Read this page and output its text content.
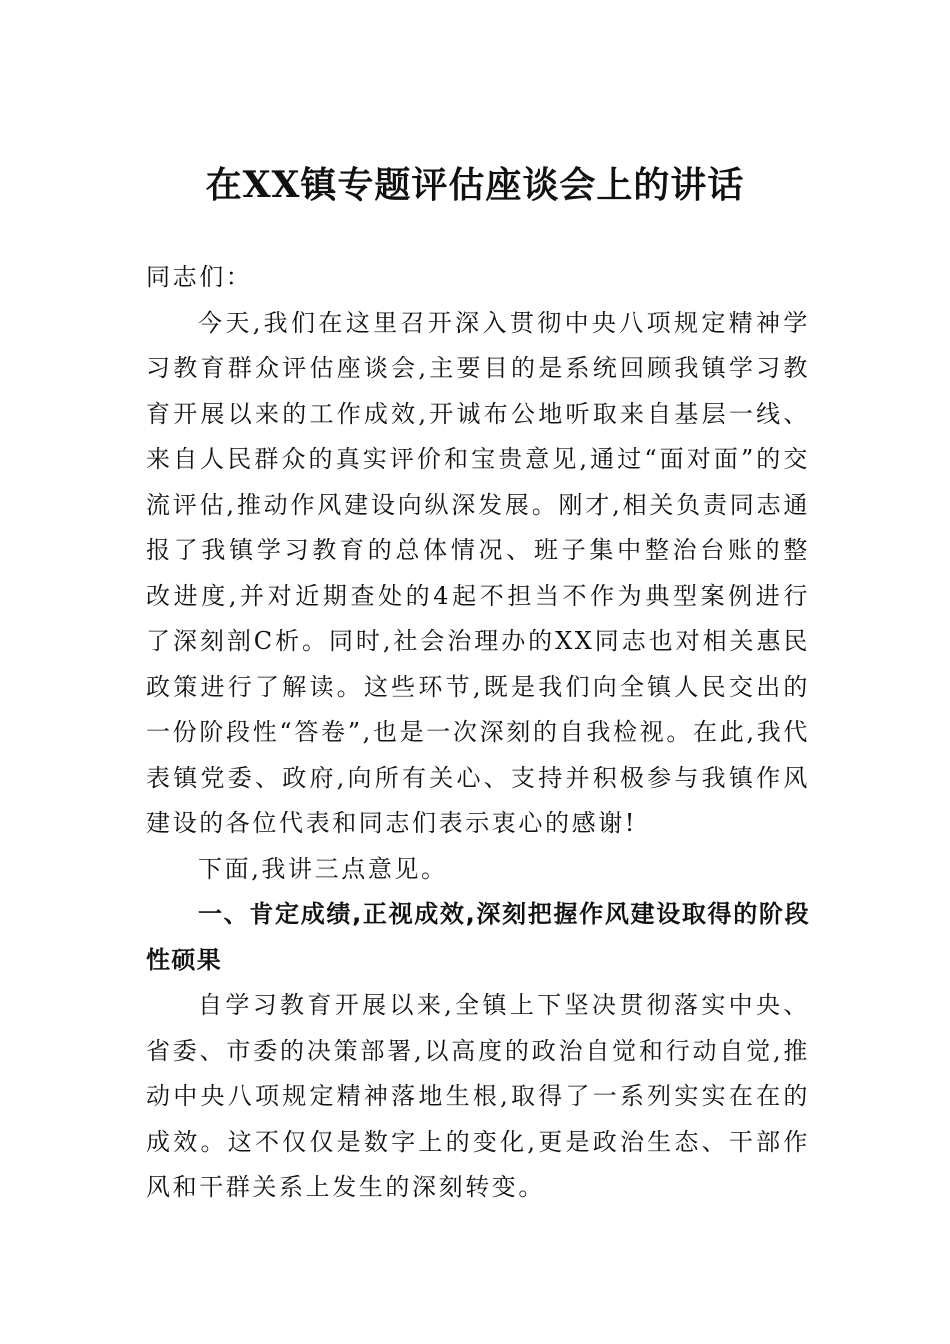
在XX镇专题评估座谈会上的讲话

同志们：

今天,我们在这里召开深入贯彻中央八项规定精神学习教育群众评估座谈会,主要目的是系统回顾我镇学习教育开展以来的工作成效,开诚布公地听取来自基层一线、来自人民群众的真实评价和宝贵意见,通过“面对面”的交流评估,推动作风建设向纵深发展。刚才,相关负责同志通报了我镇学习教育的总体情况、班子集中整治台账的整改进度,并对近期查处的4起不担当不作为典型案例进行了深刻剖C析。同时,社会治理办的XX同志也对相关惠民政策进行了解读。这些环节,既是我们向全镇人民交出的一份阶段性“答卷”,也是一次深刻的自我检视。在此,我代表镇党委、政府,向所有关心、支持并积极参与我镇作风建设的各位代表和同志们表示衷心的感谢!

下面,我讲三点意见。

一、肯定成绩,正视成效,深刻把握作风建设取得的阶段性硕果

自学习教育开展以来,全镇上下坚决贯彻落实中央、省委、市委的决策部署,以高度的政治自觉和行动自觉,推动中央八项规定精神落地生根,取得了一系列实实在在的成效。这不仅仅是数字上的变化,更是政治生态、干部作风和干群关系上发生的深刻转变。
